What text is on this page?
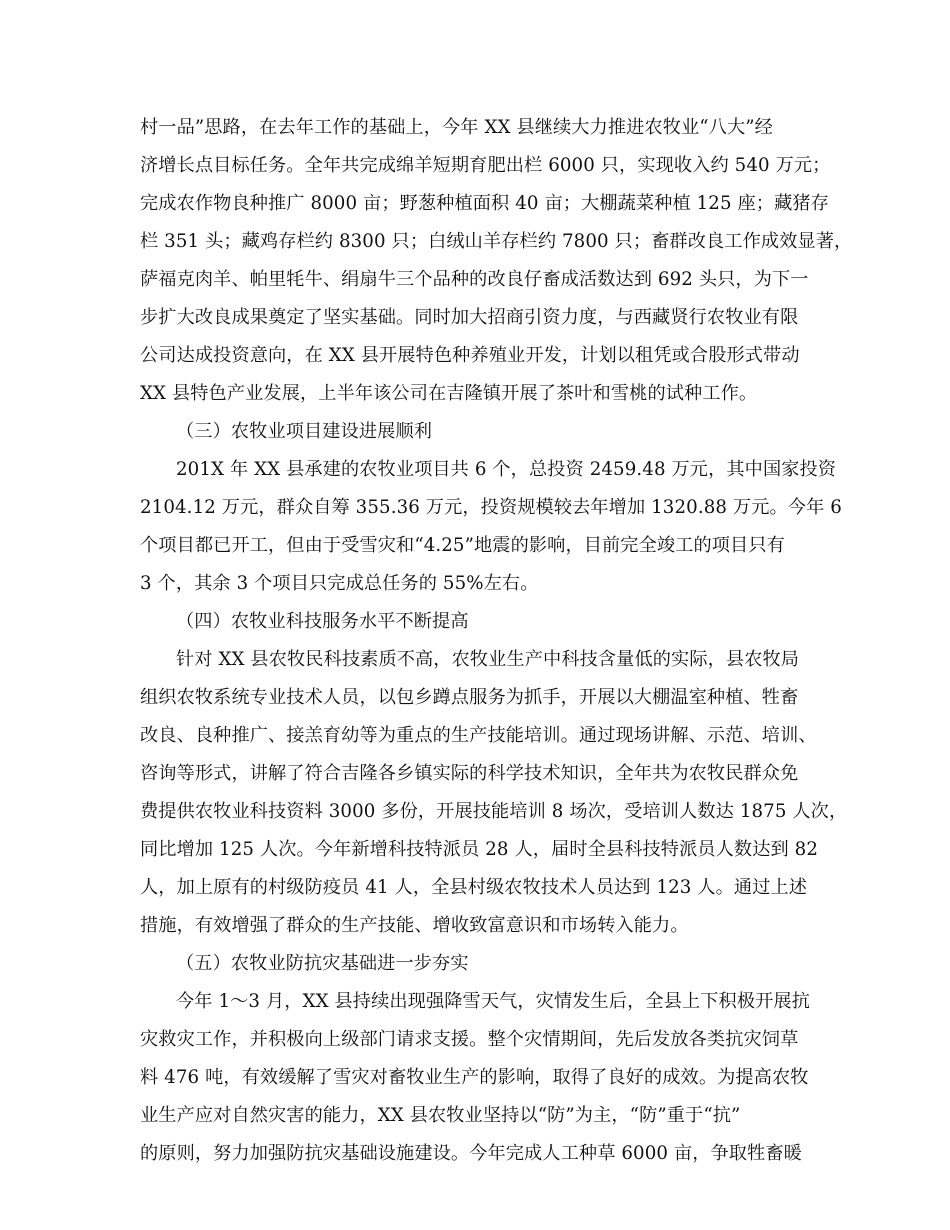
村一品”思路，在去年工作的基础上，今年 XX 县继续大力推进农牧业“八大”经

济增长点目标任务。全年共完成绵羊短期育肥出栏 6000 只，实现收入约 540 万元；

完成农作物良种推广 8000 亩；野葱种植面积 40 亩；大棚蔬菜种植 125 座；藏猪存

栏 351 头；藏鸡存栏约 8300 只；白绒山羊存栏约 7800 只；畜群改良工作成效显著，

萨福克肉羊、帕里牦牛、绢扇牛三个品种的改良仔畜成活数达到 692 头只，为下一

步扩大改良成果奠定了坚实基础。同时加大招商引资力度，与西藏贤行农牧业有限

公司达成投资意向，在 XX 县开展特色种养殖业开发，计划以租凭或合股形式带动

XX 县特色产业发展，上半年该公司在吉隆镇开展了茶叶和雪桃的试种工作。

（三）农牧业项目建设进展顺利

201X 年 XX 县承建的农牧业项目共 6 个，总投资 2459.48 万元，其中国家投资

2104.12 万元，群众自筹 355.36 万元，投资规模较去年增加 1320.88 万元。今年 6

个项目都已开工，但由于受雪灾和“4.25”地震的影响，目前完全竣工的项目只有

3 个，其余 3 个项目只完成总任务的 55%左右。

（四）农牧业科技服务水平不断提高

针对 XX 县农牧民科技素质不高，农牧业生产中科技含量低的实际，县农牧局

组织农牧系统专业技术人员，以包乡蹲点服务为抓手，开展以大棚温室种植、牲畜

改良、良种推广、接羔育幼等为重点的生产技能培训。通过现场讲解、示范、培训、

咨询等形式，讲解了符合吉隆各乡镇实际的科学技术知识，全年共为农牧民群众免

费提供农牧业科技资料 3000 多份，开展技能培训 8 场次，受培训人数达 1875 人次，

同比增加 125 人次。今年新增科技特派员 28 人，届时全县科技特派员人数达到 82

人，加上原有的村级防疫员 41 人，全县村级农牧技术人员达到 123 人。通过上述

措施，有效增强了群众的生产技能、增收致富意识和市场转入能力。

（五）农牧业防抗灾基础进一步夯实

今年 1～3 月，XX 县持续出现强降雪天气，灾情发生后，全县上下积极开展抗

灾救灾工作，并积极向上级部门请求支援。整个灾情期间，先后发放各类抗灾饲草

料 476 吨，有效缓解了雪灾对畜牧业生产的影响，取得了良好的成效。为提高农牧

业生产应对自然灾害的能力，XX 县农牧业坚持以“防”为主，“防”重于“抗”

的原则，努力加强防抗灾基础设施建设。今年完成人工种草 6000 亩，争取牲畜暖
